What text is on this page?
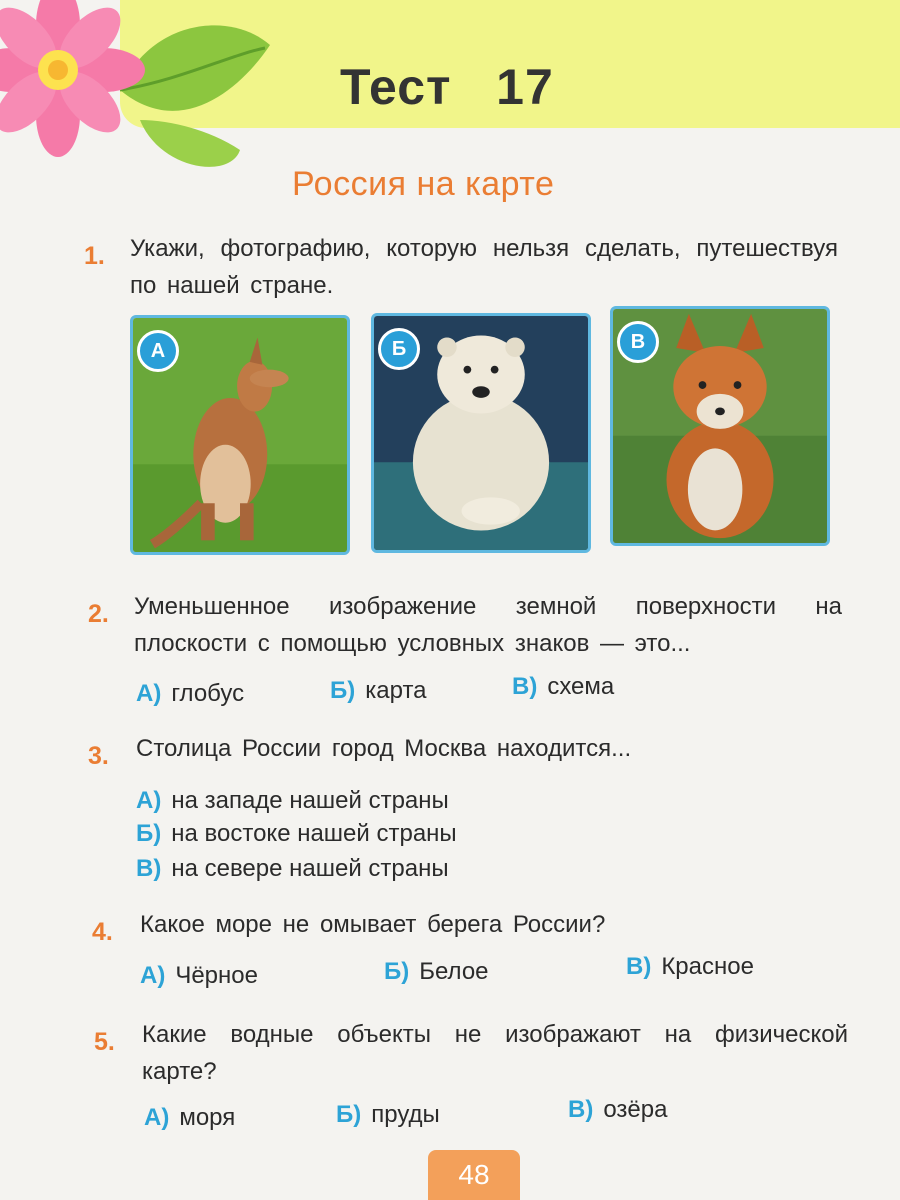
Тест   17
Россия на карте
1. Укажи, фотографию, которую нельзя сделать, путешествуя по нашей стране.
А	Б	В
2. Уменьшенное изображение земной поверхности на плоскости с помощью условных знаков — это...
А) глобус	Б) карта	В) схема
3. Столица России город Москва находится...
А) на западе нашей страны
Б) на востоке нашей страны
В) на севере нашей страны
4. Какое море не омывает берега России?
А) Чёрное	Б) Белое	В) Красное
5. Какие водные объекты не изображают на физической карте?
А) моря	Б) пруды	В) озёра
48
